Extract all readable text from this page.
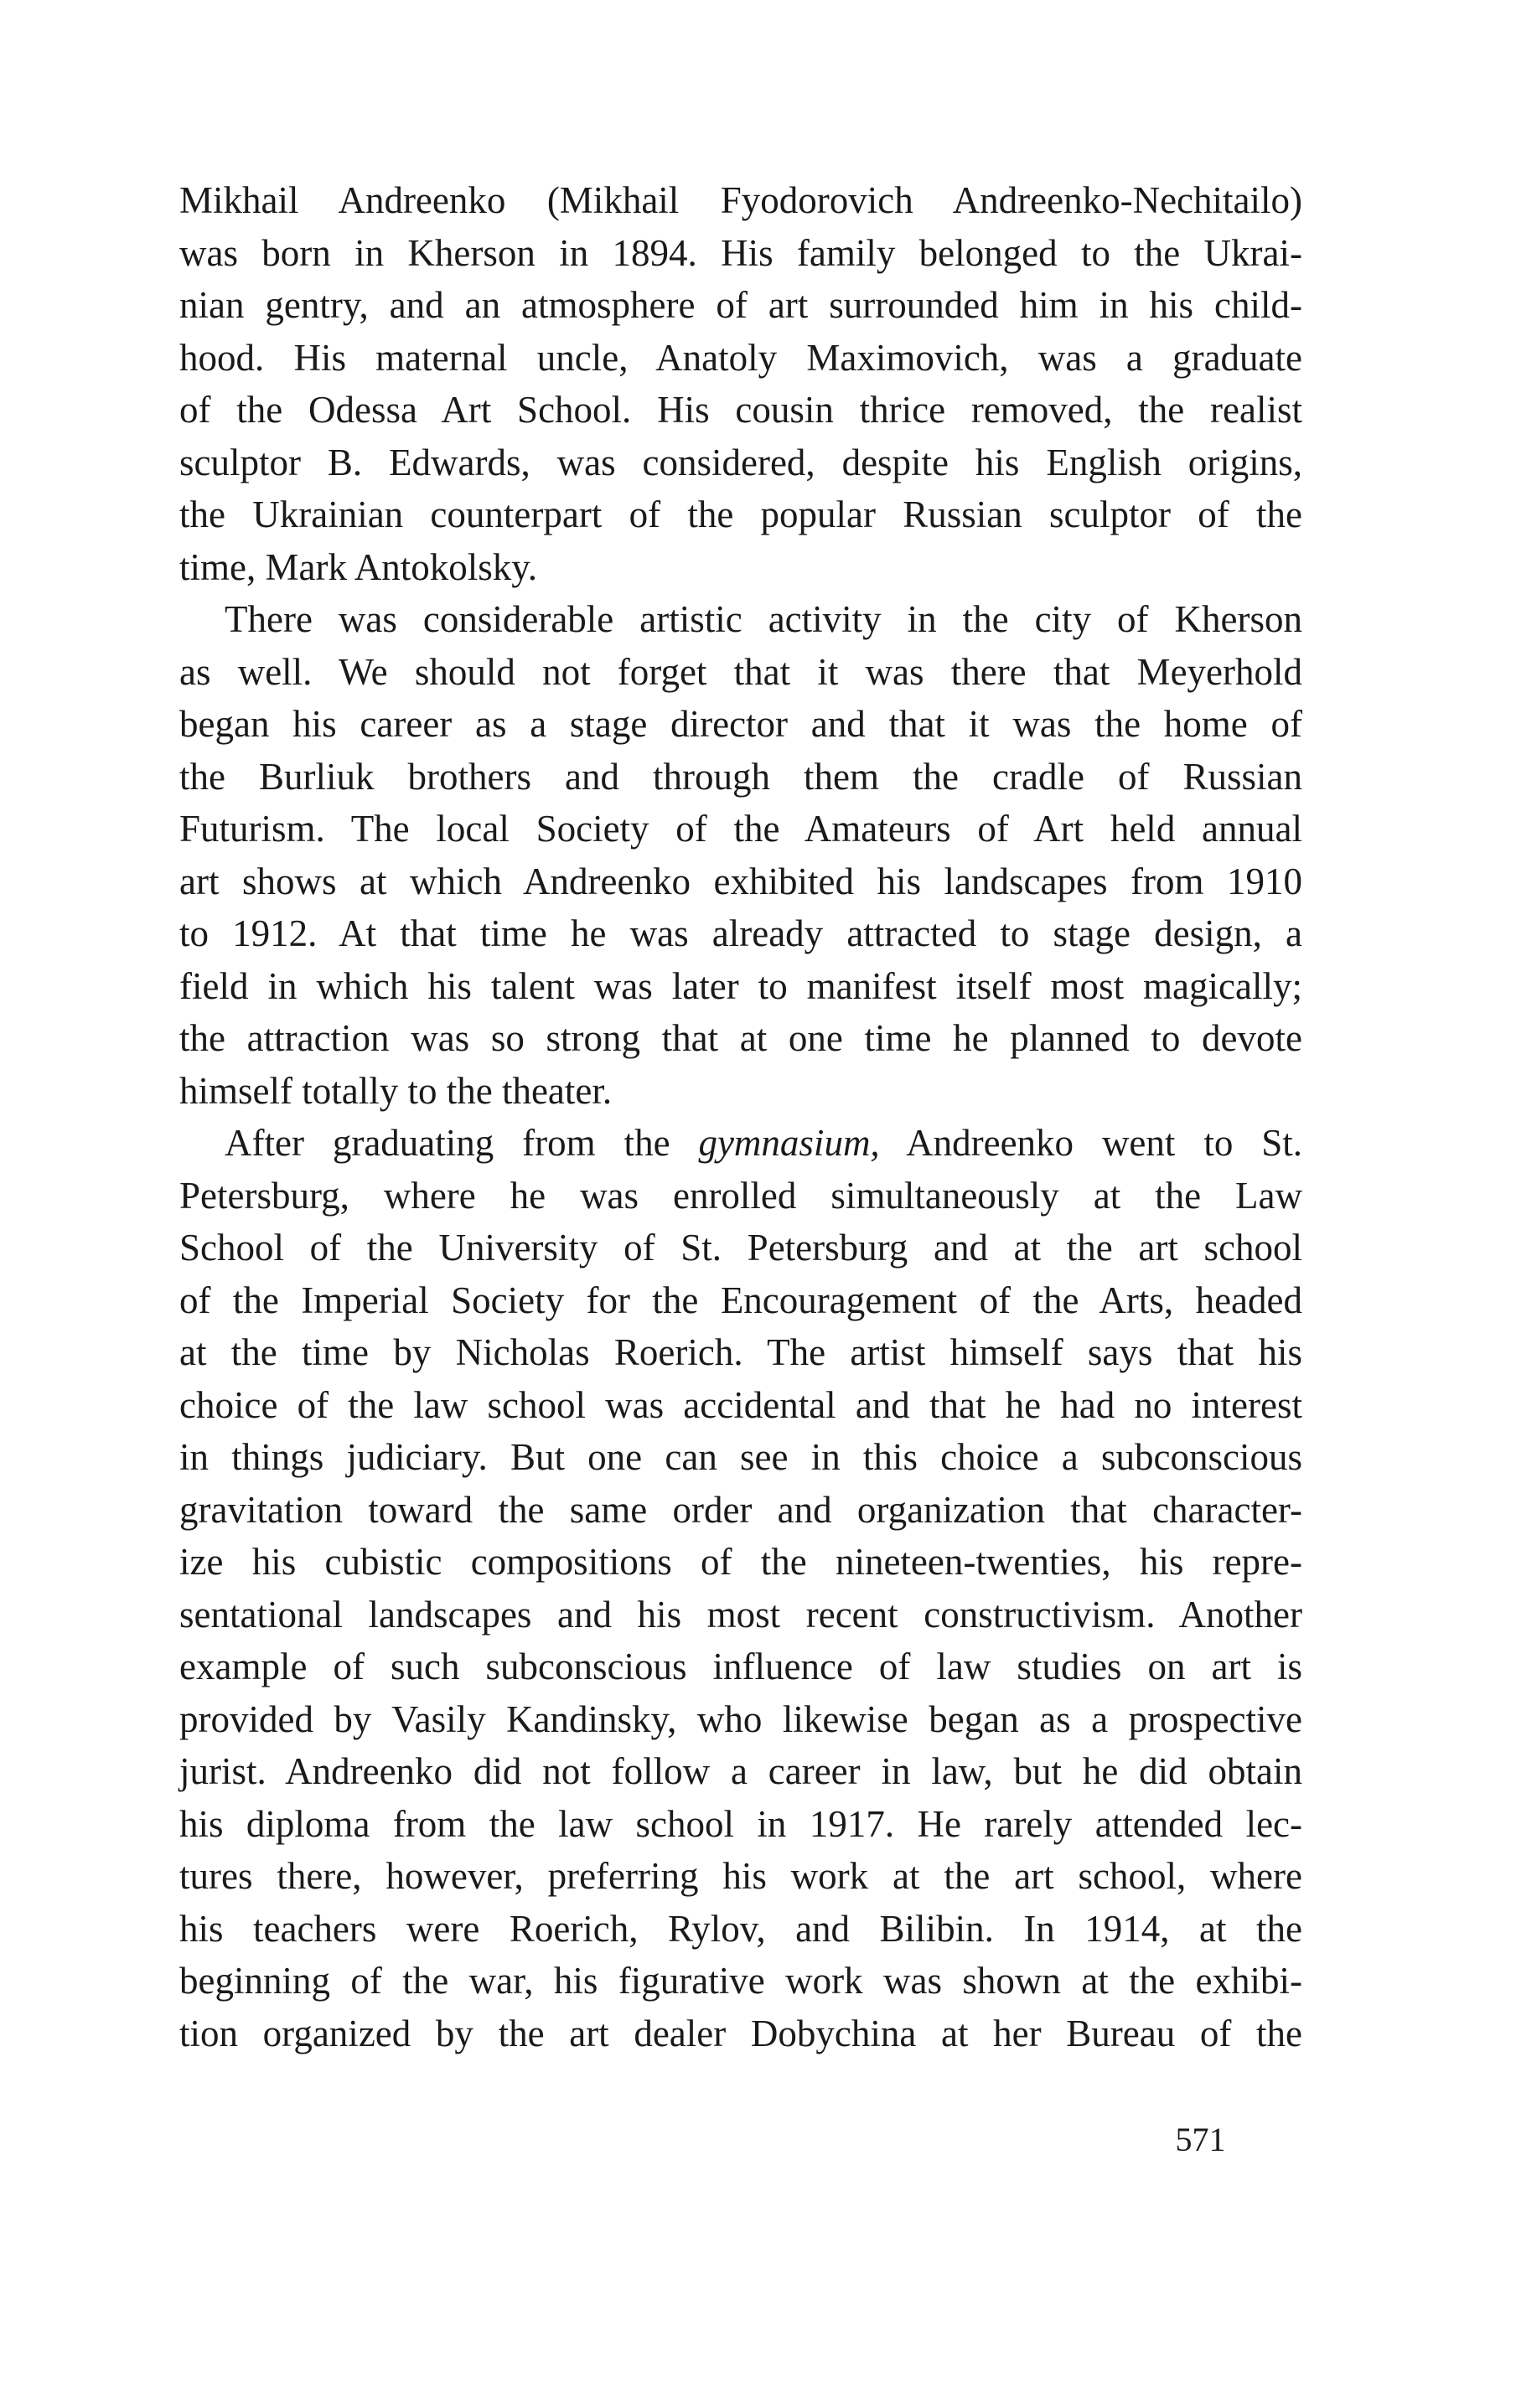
Mikhail Andreenko (Mikhail Fyodorovich Andreenko-Nechitailo)
was born in Kherson in 1894. His family belonged to the Ukrai-
nian gentry, and an atmosphere of art surrounded him in his child-
hood. His maternal uncle, Anatoly Maximovich, was a graduate
of the Odessa Art School. His cousin thrice removed, the realist
sculptor B. Edwards, was considered, despite his English origins,
the Ukrainian counterpart of the popular Russian sculptor of the
time, Mark Antokolsky.

There was considerable artistic activity in the city of Kherson
as well. We should not forget that it was there that Meyerhold
began his career as a stage director and that it was the home of
the Burliuk brothers and through them the cradle of Russian
Futurism. The local Society of the Amateurs of Art held annual
art shows at which Andreenko exhibited his landscapes from 1910
to 1912. At that time he was already attracted to stage design, a
field in which his talent was later to manifest itself most magically;
the attraction was so strong that at one time he planned to devote
himself totally to the theater.

After graduating from the gymnasium, Andreenko went to St.
Petersburg, where he was enrolled simultaneously at the Law
School of the University of St. Petersburg and at the art school
of the Imperial Society for the Encouragement of the Arts, headed
at the time by Nicholas Roerich. The artist himself says that his
choice of the law school was accidental and that he had no interest
in things judiciary. But one can see in this choice a subconscious
gravitation toward the same order and organization that character-
ize his cubistic compositions of the nineteen-twenties, his repre-
sentational landscapes and his most recent constructivism. Another
example of such subconscious influence of law studies on art is
provided by Vasily Kandinsky, who likewise began as a prospective
jurist. Andreenko did not follow a career in law, but he did obtain
his diploma from the law school in 1917. He rarely attended lec-
tures there, however, preferring his work at the art school, where
his teachers were Roerich, Rylov, and Bilibin. In 1914, at the
beginning of the war, his figurative work was shown at the exhibi-
tion organized by the art dealer Dobychina at her Bureau of the

571
